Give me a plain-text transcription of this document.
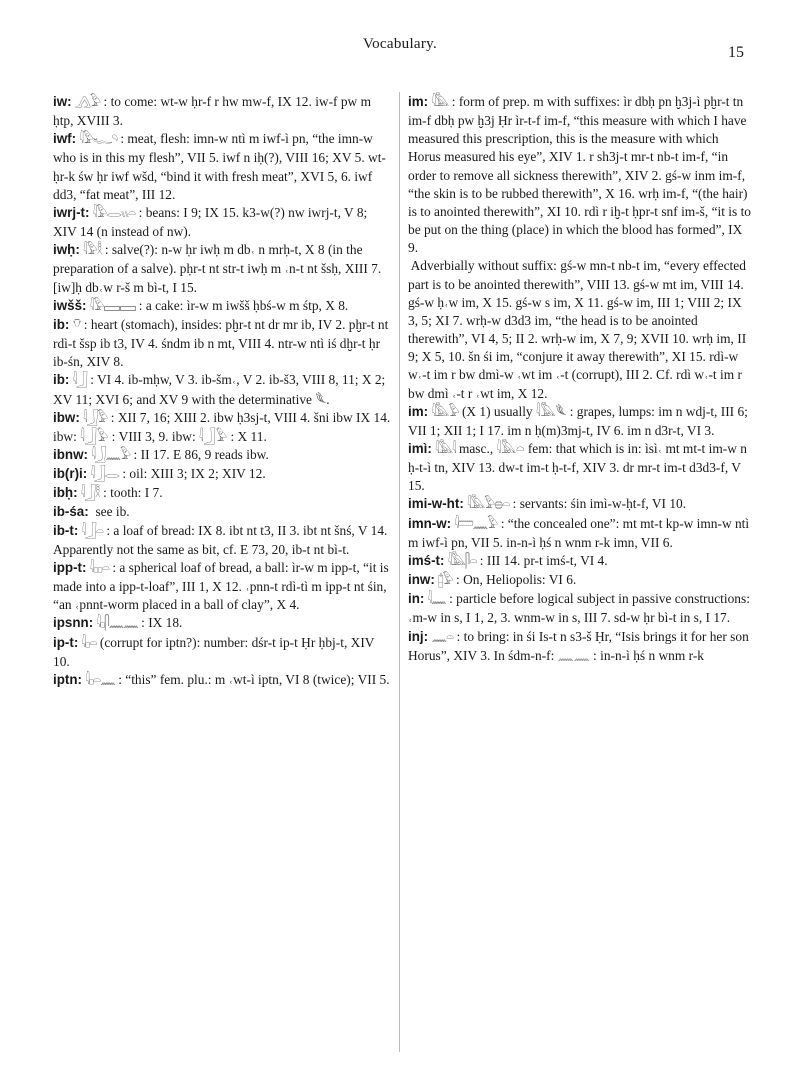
Vocabulary.	15

iw: 𓂻𓅱 : to come: wt-w ḥr-f r hw mw-f, IX 12. iw-f pw m ḥtp, XVIII 3.

iwf: 𓇋𓅱𓆑𓄹 : meat, flesh: imn-w ntì m iwf-ì pn, “the imn-w who is in this my flesh”, VII 5. iwf n iḥ(?), VIII 16; XV 5. wt-ḥr-k św ḥr iwf wšd, “bind it with fresh meat”, XVI 5, 6. iwf dd3, “fat meat”, III 12.

iwrj-t: 𓇋𓅱𓂋𓏭𓏏 : beans: I 9; IX 15. k3-w(?) nw iwrj-t, V 8; XIV 14 (n instead of nw).

iwḥ: 𓇋𓅱𓎛 : salve(?): n-w ḥr iwḥ m db˓ n mrḥ-t, X 8 (in the preparation of a salve). pḥr-t nt str-t iwḥ m ˓n-t nt šsḥ, XIII 7. [iw]ḥ db˓w r-š m bì-t, I 15.

iwšš: 𓇋𓅱𓈙𓈙 : a cake: ìr-w m iwšš ḥbś-w m śtp, X 8.

ib: 𓄣 : heart (stomach), insides: pḫr-t nt dr mr ib, IV 2. pḫr-t nt rdì-t šsp ib t3, IV 4. śndm ib n mt, VIII 4. ntr-w ntì iś dḫr-t ḥr ib-śn, XIV 8.

ib: 𓇋𓃀 : VI 4. ib-mḥw, V 3. ib-šm˓, V 2. ib-š3, VIII 8, 11; X 2; XV 11; XVI 6; and XV 9 with the determinative 𓆰.

ibw: 𓇋𓃀𓅱 : XII 7, 16; XIII 2. ibw ḥ3sj-t, VIII 4. šni ibw IX 14. ibw: 𓇋𓃀𓅱 : VIII 3, 9. ibw: 𓇋𓃀𓅱 : X 11.

ibnw: 𓇋𓃀𓈖𓅱 : II 17. E 86, 9 reads ibw.

ib(r)i: 𓇋𓃀𓂋 : oil: XIII 3; IX 2; XIV 12.

ibḥ: 𓇋𓃀𓎛 : tooth: I 7.

ib-śa: see ib.

ib-t: 𓇋𓃀𓏏 : a loaf of bread: IX 8. ibt nt t3, II 3. ibt nt šnś, V 14. Apparently not the same as bit, cf. E 73, 20, ib-t nt bì-t.

ipp-t: 𓇋𓊪𓊪𓏏 : a spherical loaf of bread, a ball: ìr-w m ipp-t, “it is made into a ipp-t-loaf”, III 1, X 12. ˓pnn-t rdì-tì m ipp-t nt śin, “an ˓pnnt-worm placed in a ball of clay”, X 4.

ipsnn: 𓇋𓊪𓋴𓈖𓈖 : IX 18.

ip-t: 𓇋𓊪𓏏 (corrupt for iptn?): number: dśr-t ip-t Ḥr ḥbj-t, XIV 10.

iptn: 𓇋𓊪𓏏𓈖 : “this” fem. plu.: m ˓wt-ì iptn, VI 8 (twice); VII 5.

im: 𓇋𓅓 : form of prep. m with suffixes: ìr dbḥ pn ḫ3j-ì pḫr-t tn im-f dbḥ pw ḫ3j Ḥr ìr-t-f im-f, “this measure with which I have measured this prescription, this is the measure with which Horus measured his eye”, XIV 1. r sh3j-t mr-t nb-t im-f, “in order to remove all sickness therewith”, XIV 2. gś-w inm im-f, “the skin is to be rubbed therewith”, X 16. wrḥ im-f, “(the hair) is to anointed therewith”, XI 10. rdì r iḫ-t ḥpr-t snf im-š, “it is to be put on the thing (place) in which the blood has formed”, IX 9.

Adverbially without suffix: gś-w mn-t nb-t im, “every effected part is to be anointed therewith”, VIII 13. gś-w mt im, VIII 14. gś-w ḥ˓w im, X 15. gś-w s im, X 11. gś-w im, III 1; VIII 2; IX 3, 5; XI 7. wrḥ-w d3d3 im, “the head is to be anointed therewith”, VI 4, 5; II 2. wrḥ-w im, X 7, 9; XVII 10. wrḥ im, II 9; X 5, 10. šn śi im, “conjure it away therewith”, XI 15. rdì-w w˓-t im r bw dmì-w ˓wt im ˓-t (corrupt), III 2. Cf. rdì w˓-t im r bw dmì ˓-t r ˓wt im, X 12.

im: 𓇋𓅓𓅱 (X 1) usually 𓇋𓅓𓆰 : grapes, lumps: im n wdj-t, III 6; VII 1; XII 1; I 17. im n ḥ(m)3mj-t, IV 6. im n d3r-t, VI 3.

imì: 𓇋𓅓𓇋 masc., 𓇋𓅓𓏏 fem: that which is in: ìsì˓ mt mt-t im-w n ḥ-t-ì tn, XIV 13. dw-t im-t ḥ-t-f, XIV 3. dr mr-t im-t d3d3-f, V 15.

imi-w-ht: 𓇋𓅓𓅱𓐍𓏏 : servants: śin imì-w-ḥt-f, VI 10.

imn-w: 𓇋𓏠𓈖𓅱 : “the concealed one”: mt mt-t kp-w imn-w ntì m iwf-ì pn, VII 5. in-n-ì ḥś n wnm r-k imn, VII 6.

imś-t: 𓇋𓅓𓋴𓏏 : III 14. pr-t imś-t, VI 4.

inw: 𓉺𓅱 : On, Heliopolis: VI 6.

in: 𓇋𓈖 : particle before logical subject in passive constructions: ˓m-w in s, I 1, 2, 3. wnm-w in s, III 7. sd-w ḥr bì-t in s, I 17.

inj: 𓈖𓏏 : to bring: in śi Is-t n s3-š Ḥr, “Isis brings it for her son Horus”, XIV 3. In śdm-n-f: 𓈖𓈖 : in-n-ì ḥś n wnm r-k
